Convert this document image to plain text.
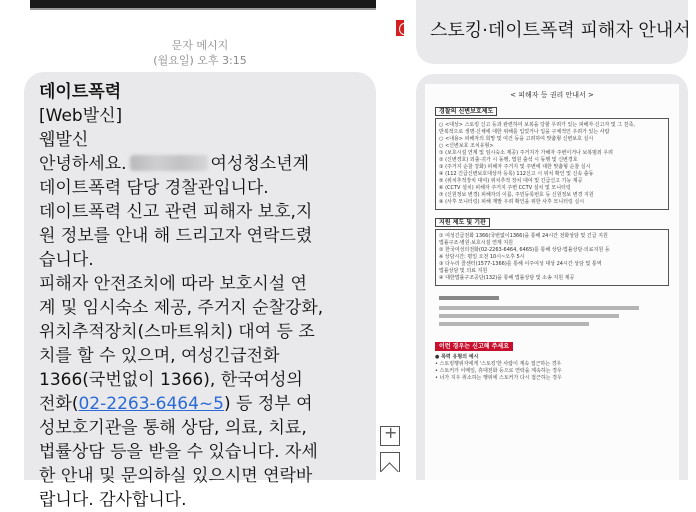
문자 메시지
(월요일) 오후 3:15
데이트폭력
[Web발신]
웹발신
안녕하세요.	여성청소년계
데이트폭력 담당 경찰관입니다.
데이트폭력 신고 관련 피해자 보호,지
원 정보를 안내 해 드리고자 연락드렸
습니다.
피해자 안전조치에 따라 보호시설 연
계 및 임시숙소 제공, 주거지 순찰강화,
위치추적장치(스마트워치) 대여 등 조
치를 할 수 있으며, 여성긴급전화
1366(국번없이 1366), 한국여성의
전화(02-2263-6464~5) 등 정부 여
성보호기관을 통해 상담, 의료, 치료,
법률상담 등을 받을 수 있습니다. 자세
한 안내 및 문의하실 있으시면 연락바
랍니다. 감사합니다.
+
스토킹·데이트폭력 피해자 안내서
< 피해자 등 권리 안내서 >
경찰의 신변보호제도
○ <대상> 스토킹 신고 등과 관련하여 보복을 당할 우려가 있는 피해자·신고자 및 그 친족,
반복적으로 생명·신체에 대한 위해를 입었거나 입을 구체적인 우려가 있는 사람
○ <내용> 피해자의 희망 및 여건 등을 고려하여 맞춤형 신변보호 실시
○ <신변보호 조치유형>
① (보호시설 연계 및 임시숙소 제공) 주거지가 가해자 주변이거나 보복범죄 우려
② (신변경호) 외출·귀가 시 동행, 법원 출석 시 동행 및 신변경호
③ (주거지 순찰 강화) 피해자 주거지 및 주변에 대한 맞춤형 순찰 실시
④ (112 긴급신변보호대상자 등록) 112신고 시 위치 확인 및 신속 출동
⑤ (위치추적장치 대여) 위치추적 장치 대여 및 긴급신고 기능 제공
⑥ (CCTV 설치) 피해자 주거지 주변 CCTV 설치 및 모니터링
⑦ (신원정보 변경) 피해자의 이름, 주민등록번호 등 신원정보 변경 지원
⑧ (사후 모니터링) 피해 재발 우려 확인을 위한 사후 모니터링 실시
지원 제도 및 기관
① 여성긴급전화 1366(국번없이1366)을 통해 24시간 전화상담 및 긴급 지원
법률구조·병원·보호시설 연계 지원
② 한국여성의전화(02-2263-6464, 6465)를 통해 상담·법률상담·의료지원 등
※ 상담시간: 평일 오전 10시~오후 5시
③ 다누리 콜센터(1577-1366)를 통해 이주여성 대상 24시간 상담 및 통역
법률상담 및 의료 지원
④ 대한법률구조공단(132)을 통해 법률상담 및 소송 지원 제공
이런 경우는 신고해 주세요
● 폭력 유형의 예시
• 스토킹행위자에게 '스토킹'한 사람이 계속 접근하는 경우
• 스토커가 이메일, 휴대전화 등으로 연락을 계속하는 경우
• 너가 지우 취소하는 행위에 스토커가 다시 접근하는 경우
